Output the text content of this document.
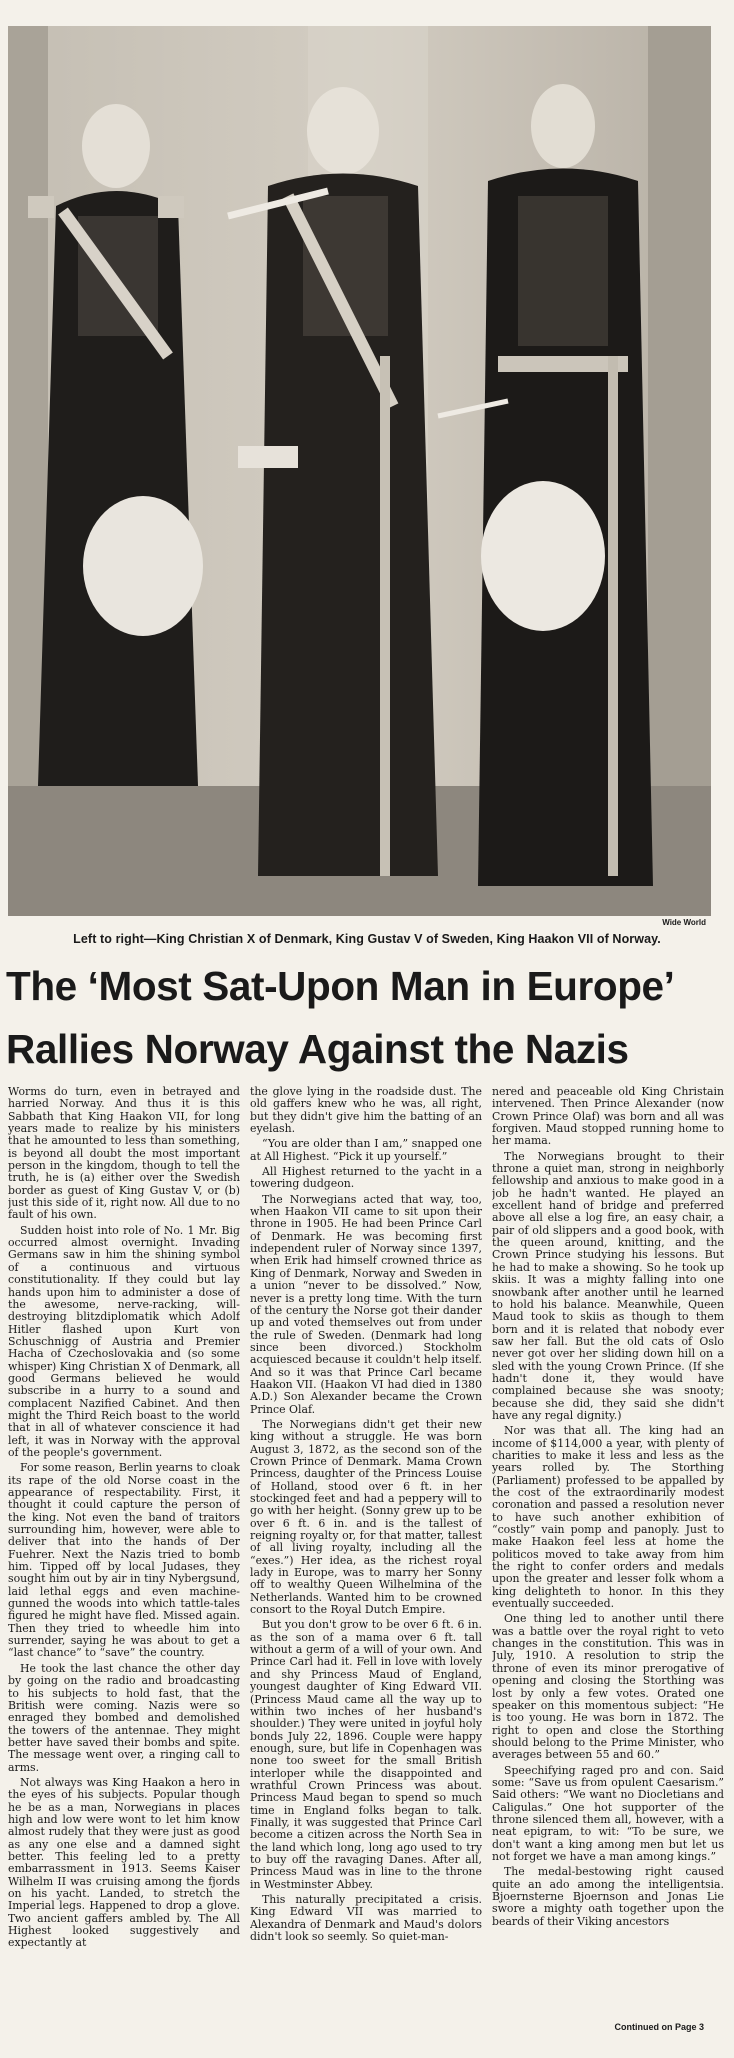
Wide World
Left to right—King Christian X of Denmark, King Gustav V of Sweden, King Haakon VII of Norway.
The ‘Most Sat-Upon Man in Europe’
Rallies Norway Against the Nazis

Worms do turn, even in betrayed and harried Norway. And thus it is this Sabbath that King Haakon VII, for long years made to realize by his ministers that he amounted to less than something, is beyond all doubt the most important person in the kingdom, though to tell the truth, he is (a) either over the Swedish border as guest of King Gustav V, or (b) just this side of it, right now. All due to no fault of his own.

Sudden hoist into role of No. 1 Mr. Big occurred almost overnight. Invading Germans saw in him the shining symbol of a continuous and virtuous constitutionality. If they could but lay hands upon him to administer a dose of the awesome, nerve-racking, will-destroying blitzdiplomatik which Adolf Hitler flashed upon Kurt von Schuschnigg of Austria and Premier Hacha of Czechoslovakia and (so some whisper) King Christian X of Denmark, all good Germans believed he would subscribe in a hurry to a sound and complacent Nazified Cabinet. And then might the Third Reich boast to the world that in all of whatever conscience it had left, it was in Norway with the approval of the people's government.

For some reason, Berlin yearns to cloak its rape of the old Norse coast in the appearance of respectability. First, it thought it could capture the person of the king. Not even the band of traitors surrounding him, however, were able to deliver that into the hands of Der Fuehrer. Next the Nazis tried to bomb him. Tipped off by local Judases, they sought him out by air in tiny Nybergsund, laid lethal eggs and even machine-gunned the woods into which tattle-tales figured he might have fled. Missed again. Then they tried to wheedle him into surrender, saying he was about to get a “last chance” to “save” the country.

He took the last chance the other day by going on the radio and broadcasting to his subjects to hold fast, that the British were coming. Nazis were so enraged they bombed and demolished the towers of the antennae. They might better have saved their bombs and spite. The message went over, a ringing call to arms.

Not always was King Haakon a hero in the eyes of his subjects. Popular though he be as a man, Norwegians in places high and low were wont to let him know almost rudely that they were just as good as any one else and a damned sight better. This feeling led to a pretty embarrassment in 1913. Seems Kaiser Wilhelm II was cruising among the fjords on his yacht. Landed, to stretch the Imperial legs. Happened to drop a glove. Two ancient gaffers ambled by. The All Highest looked suggestively and expectantly at

the glove lying in the roadside dust. The old gaffers knew who he was, all right, but they didn't give him the batting of an eyelash.

“You are older than I am,” snapped one at All Highest. “Pick it up yourself.”

All Highest returned to the yacht in a towering dudgeon.

The Norwegians acted that way, too, when Haakon VII came to sit upon their throne in 1905. He had been Prince Carl of Denmark. He was becoming first independent ruler of Norway since 1397, when Erik had himself crowned thrice as King of Denmark, Norway and Sweden in a union “never to be dissolved.” Now, never is a pretty long time. With the turn of the century the Norse got their dander up and voted themselves out from under the rule of Sweden. (Denmark had long since been divorced.) Stockholm acquiesced because it couldn't help itself. And so it was that Prince Carl became Haakon VII. (Haakon VI had died in 1380 A.D.) Son Alexander became the Crown Prince Olaf.

The Norwegians didn't get their new king without a struggle. He was born August 3, 1872, as the second son of the Crown Prince of Denmark. Mama Crown Princess, daughter of the Princess Louise of Holland, stood over 6 ft. in her stockinged feet and had a peppery will to go with her height. (Sonny grew up to be over 6 ft. 6 in. and is the tallest of reigning royalty or, for that matter, tallest of all living royalty, including all the “exes.”) Her idea, as the richest royal lady in Europe, was to marry her Sonny off to wealthy Queen Wilhelmina of the Netherlands. Wanted him to be crowned consort to the Royal Dutch Empire.

But you don't grow to be over 6 ft. 6 in. as the son of a mama over 6 ft. tall without a germ of a will of your own. And Prince Carl had it. Fell in love with lovely and shy Princess Maud of England, youngest daughter of King Edward VII. (Princess Maud came all the way up to within two inches of her husband's shoulder.) They were united in joyful holy bonds July 22, 1896. Couple were happy enough, sure, but life in Copenhagen was none too sweet for the small British interloper while the disappointed and wrathful Crown Princess was about. Princess Maud began to spend so much time in England folks began to talk. Finally, it was suggested that Prince Carl become a citizen across the North Sea in the land which long, long ago used to try to buy off the ravaging Danes. After all, Princess Maud was in line to the throne in Westminster Abbey.

This naturally precipitated a crisis. King Edward VII was married to Alexandra of Denmark and Maud's dolors didn't look so seemly. So quiet-man-

nered and peaceable old King Christain intervened. Then Prince Alexander (now Crown Prince Olaf) was born and all was forgiven. Maud stopped running home to her mama.

The Norwegians brought to their throne a quiet man, strong in neighborly fellowship and anxious to make good in a job he hadn't wanted. He played an excellent hand of bridge and preferred above all else a log fire, an easy chair, a pair of old slippers and a good book, with the queen around, knitting, and the Crown Prince studying his lessons. But he had to make a showing. So he took up skiis. It was a mighty falling into one snowbank after another until he learned to hold his balance. Meanwhile, Queen Maud took to skiis as though to them born and it is related that nobody ever saw her fall. But the old cats of Oslo never got over her sliding down hill on a sled with the young Crown Prince. (If she hadn't done it, they would have complained because she was snooty; because she did, they said she didn't have any regal dignity.)

Nor was that all. The king had an income of $114,000 a year, with plenty of charities to make it less and less as the years rolled by. The Storthing (Parliament) professed to be appalled by the cost of the extraordinarily modest coronation and passed a resolution never to have such another exhibition of “costly” vain pomp and panoply. Just to make Haakon feel less at home the politicos moved to take away from him the right to confer orders and medals upon the greater and lesser folk whom a king delighteth to honor. In this they eventually succeeded.

One thing led to another until there was a battle over the royal right to veto changes in the constitution. This was in July, 1910. A resolution to strip the throne of even its minor prerogative of opening and closing the Storthing was lost by only a few votes. Orated one speaker on this momentous subject: “He is too young. He was born in 1872. The right to open and close the Storthing should belong to the Prime Minister, who averages between 55 and 60.”

Speechifying raged pro and con. Said some: “Save us from opulent Caesarism.” Said others: “We want no Diocletians and Caligulas.” One hot supporter of the throne silenced them all, however, with a neat epigram, to wit: “To be sure, we don't want a king among men but let us not forget we have a man among kings.”

The medal-bestowing right caused quite an ado among the intelligentsia. Bjoernsterne Bjoernson and Jonas Lie swore a mighty oath together upon the beards of their Viking ancestors

Continued on Page 3
